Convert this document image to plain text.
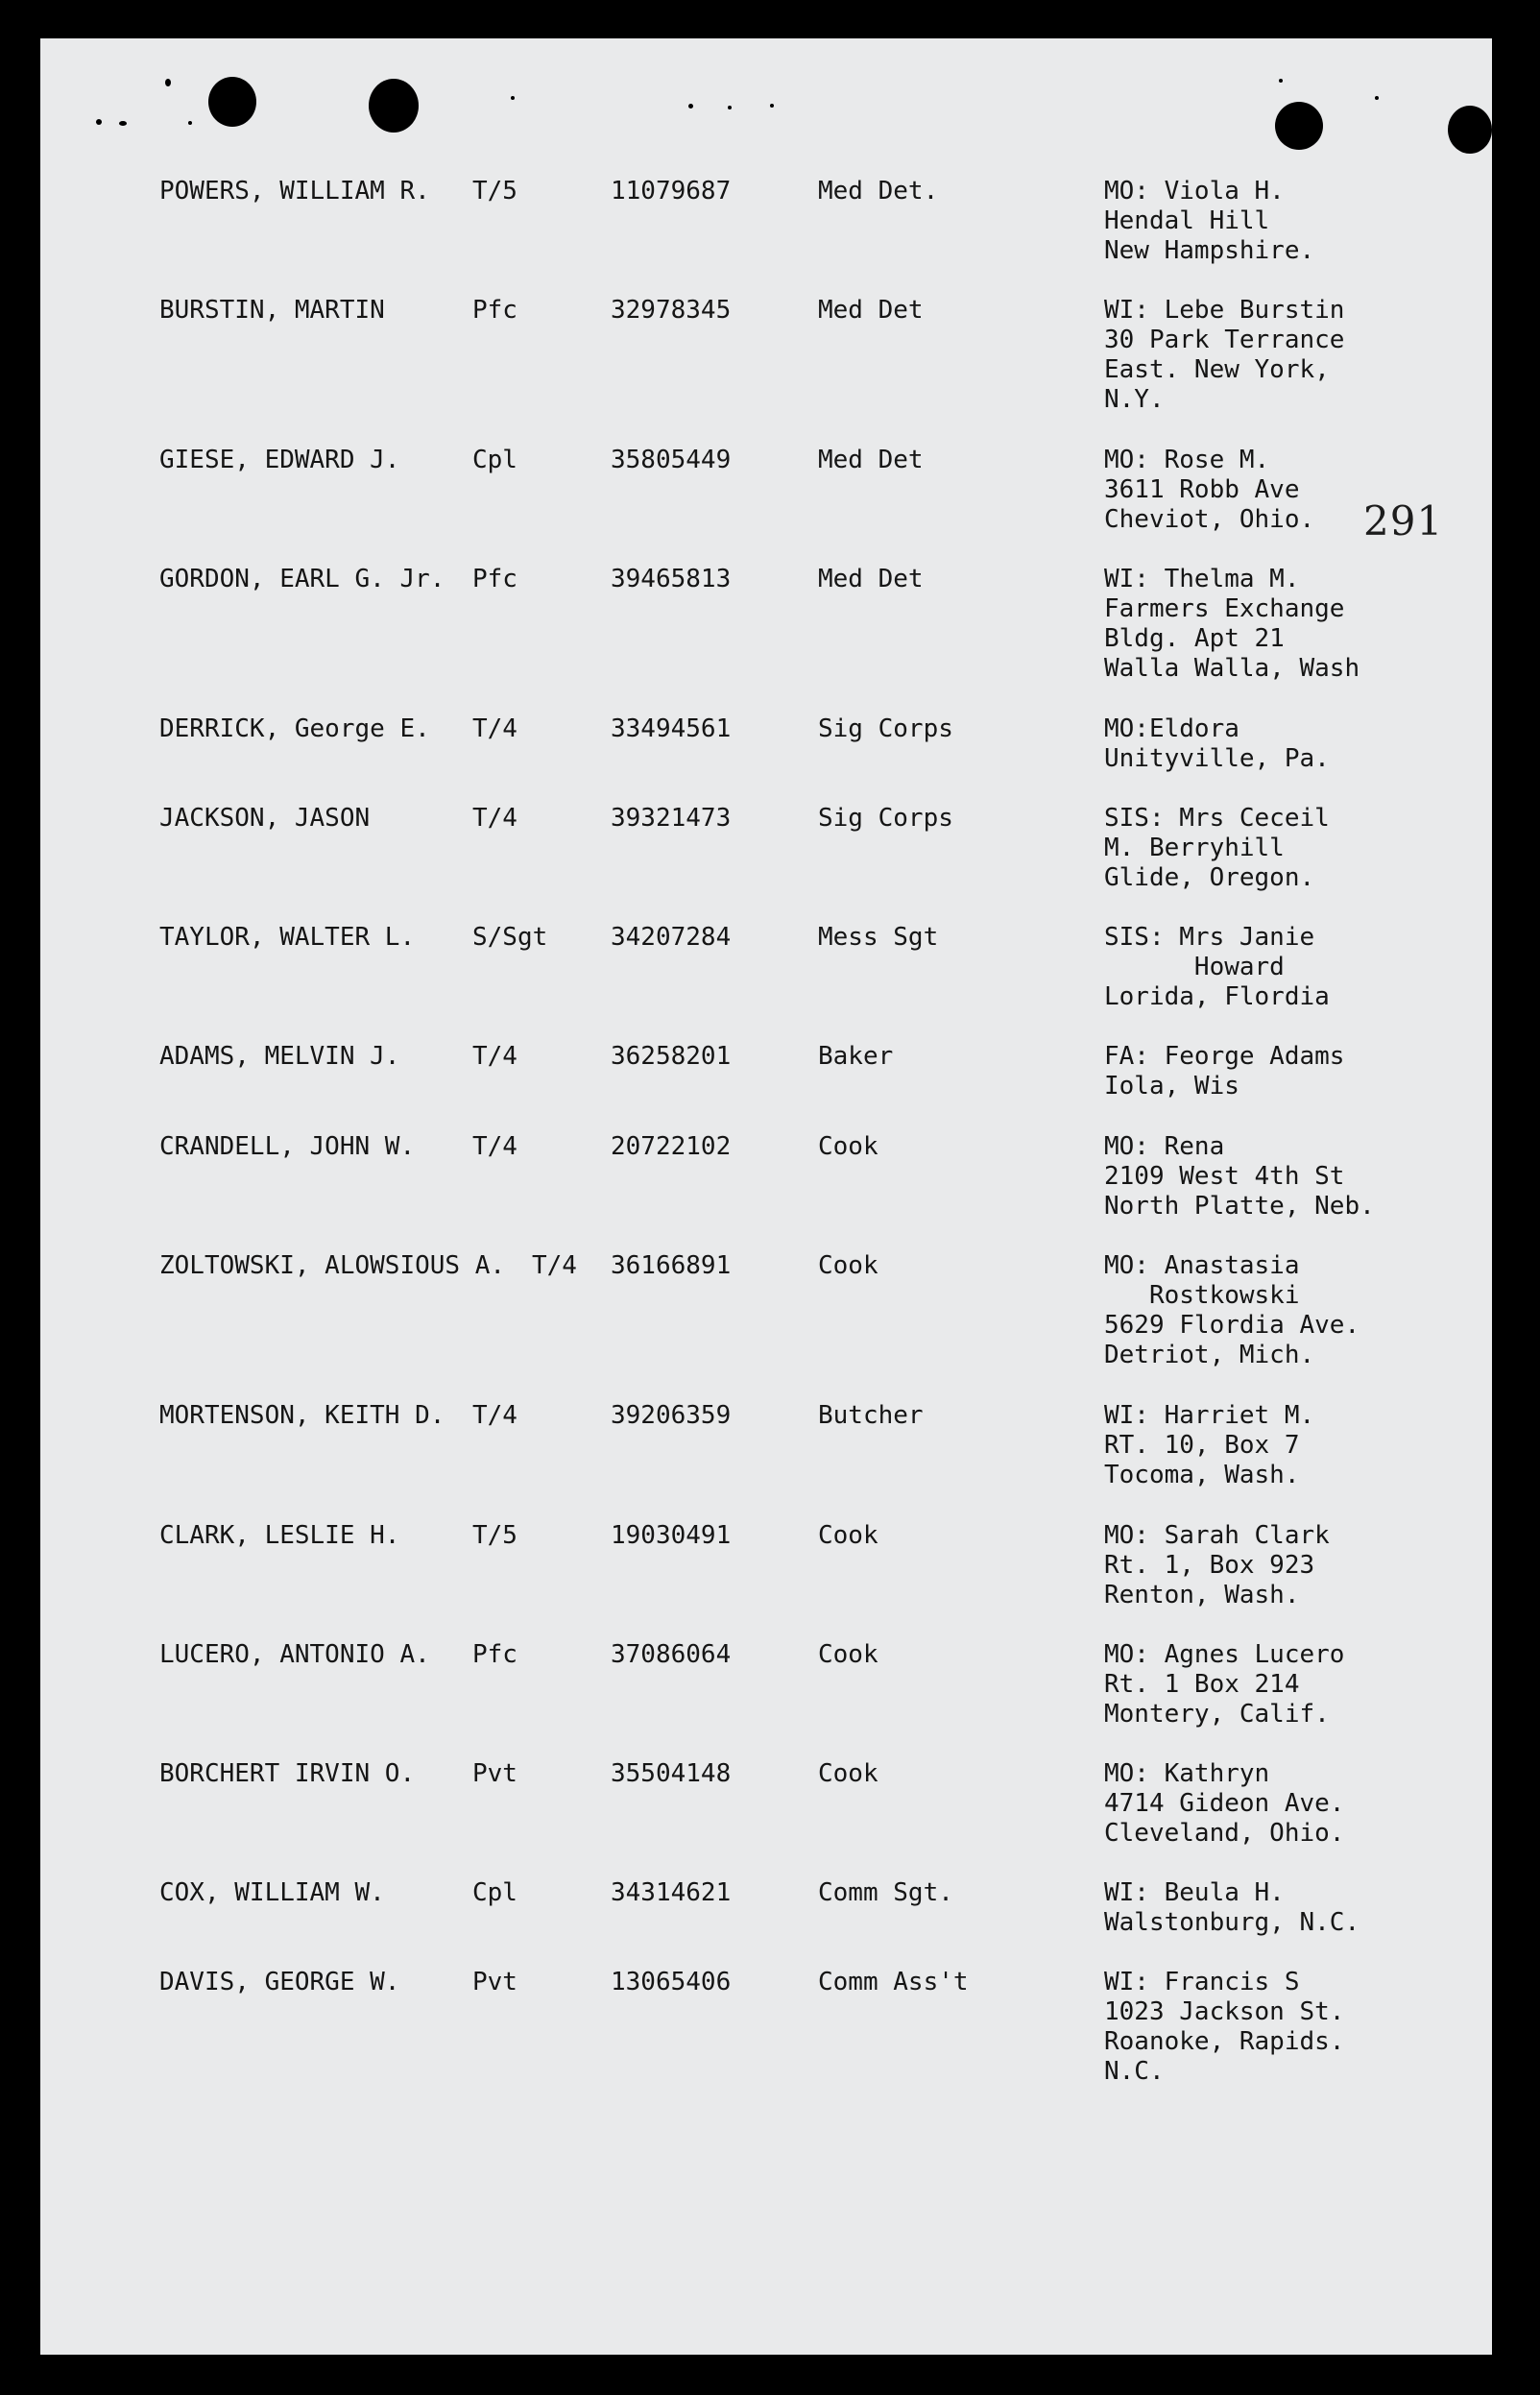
291
POWERS, WILLIAM R. T/5	11079687	Med Det.	MO: Viola H.
Hendal Hill
New Hampshire.
BURSTIN, MARTIN	Pfc	32978345	Med Det	WI: Lebe Burstin
30 Park Terrance
East. New York,
N.Y.
GIESE, EDWARD J.	Cpl	35805449	Med Det	MO: Rose M.
3611 Robb Ave
Cheviot, Ohio.
GORDON, EARL G. Jr. Pfc	39465813	Med Det	WI: Thelma M.
Farmers Exchange
Bldg. Apt 21
Walla Walla, Wash
DERRICK, George E. T/4	33494561	Sig Corps	MO:Eldora
Unityville, Pa.
JACKSON, JASON	T/4	39321473	Sig Corps	SIS: Mrs Ceceil
M. Berryhill
Glide, Oregon.
TAYLOR, WALTER L. S/Sgt	34207284	Mess Sgt	SIS: Mrs Janie
Howard
Lorida, Flordia
ADAMS, MELVIN J.	T/4	36258201	Baker	FA: Feorge Adams
Iola, Wis
CRANDELL, JOHN W. T/4	20722102	Cook	MO: Rena
2109 West 4th St
North Platte, Neb.
ZOLTOWSKI, ALOWSIOUS A. T/4 36166891	Cook	MO: Anastasia
Rostkowski
5629 Flordia Ave.
Detriot, Mich.
MORTENSON, KEITH D. T/4	39206359	Butcher	WI: Harriet M.
RT. 10, Box 7
Tocoma, Wash.
CLARK, LESLIE H.	T/5	19030491	Cook	MO: Sarah Clark
Rt. 1, Box 923
Renton, Wash.
LUCERO, ANTONIO A. Pfc	37086064	Cook	MO: Agnes Lucero
Rt. 1 Box 214
Montery, Calif.
BORCHERT IRVIN O. Pvt	35504148	Cook	MO: Kathryn
4714 Gideon Ave.
Cleveland, Ohio.
COX, WILLIAM W.	Cpl	34314621	Comm Sgt.	WI: Beula H.
Walstonburg, N.C.
DAVIS, GEORGE W.	Pvt	13065406	Comm Ass't	WI: Francis S
1023 Jackson St.
Roanoke, Rapids.
N.C.
